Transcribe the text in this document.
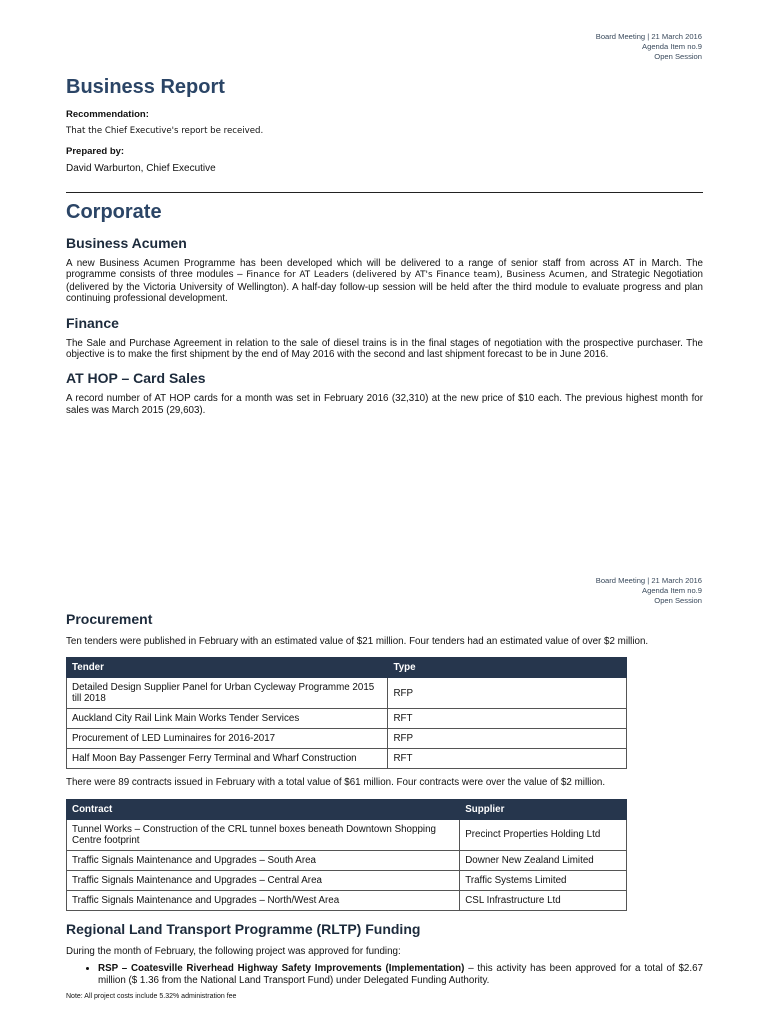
Board Meeting | 21 March 2016
Agenda Item no.9
Open Session
Business Report
Recommendation:
That the Chief Executive's report be received.
Prepared by:
David Warburton, Chief Executive
Corporate
Business Acumen
A new Business Acumen Programme has been developed which will be delivered to a range of senior staff from across AT in March. The programme consists of three modules – Finance for AT Leaders (delivered by AT's Finance team), Business Acumen, and Strategic Negotiation (delivered by the Victoria University of Wellington). A half-day follow-up session will be held after the third module to evaluate progress and plan continuing professional development.
Finance
The Sale and Purchase Agreement in relation to the sale of diesel trains is in the final stages of negotiation with the prospective purchaser. The objective is to make the first shipment by the end of May 2016 with the second and last shipment forecast to be in June 2016.
AT HOP – Card Sales
A record number of AT HOP cards for a month was set in February 2016 (32,310) at the new price of $10 each. The previous highest month for sales was March 2015 (29,603).
Board Meeting | 21 March 2016
Agenda Item no.9
Open Session
Procurement
Ten tenders were published in February with an estimated value of $21 million. Four tenders had an estimated value of over $2 million.
Tender	Type
Detailed Design Supplier Panel for Urban Cycleway Programme 2015 till 2018	RFP
Auckland City Rail Link Main Works Tender Services	RFT
Procurement of LED Luminaires for 2016-2017	RFP
Half Moon Bay Passenger Ferry Terminal and Wharf Construction	RFT
There were 89 contracts issued in February with a total value of $61 million. Four contracts were over the value of $2 million.
Contract	Supplier
Tunnel Works – Construction of the CRL tunnel boxes beneath Downtown Shopping Centre footprint	Precinct Properties Holding Ltd
Traffic Signals Maintenance and Upgrades – South Area	Downer New Zealand Limited
Traffic Signals Maintenance and Upgrades – Central Area	Traffic Systems Limited
Traffic Signals Maintenance and Upgrades – North/West Area	CSL Infrastructure Ltd
Regional Land Transport Programme (RLTP) Funding
During the month of February, the following project was approved for funding:
• RSP – Coatesville Riverhead Highway Safety Improvements (Implementation) – this activity has been approved for a total of $2.67 million ($ 1.36 from the National Land Transport Fund) under Delegated Funding Authority.
Note: All project costs include 5.32% administration fee
